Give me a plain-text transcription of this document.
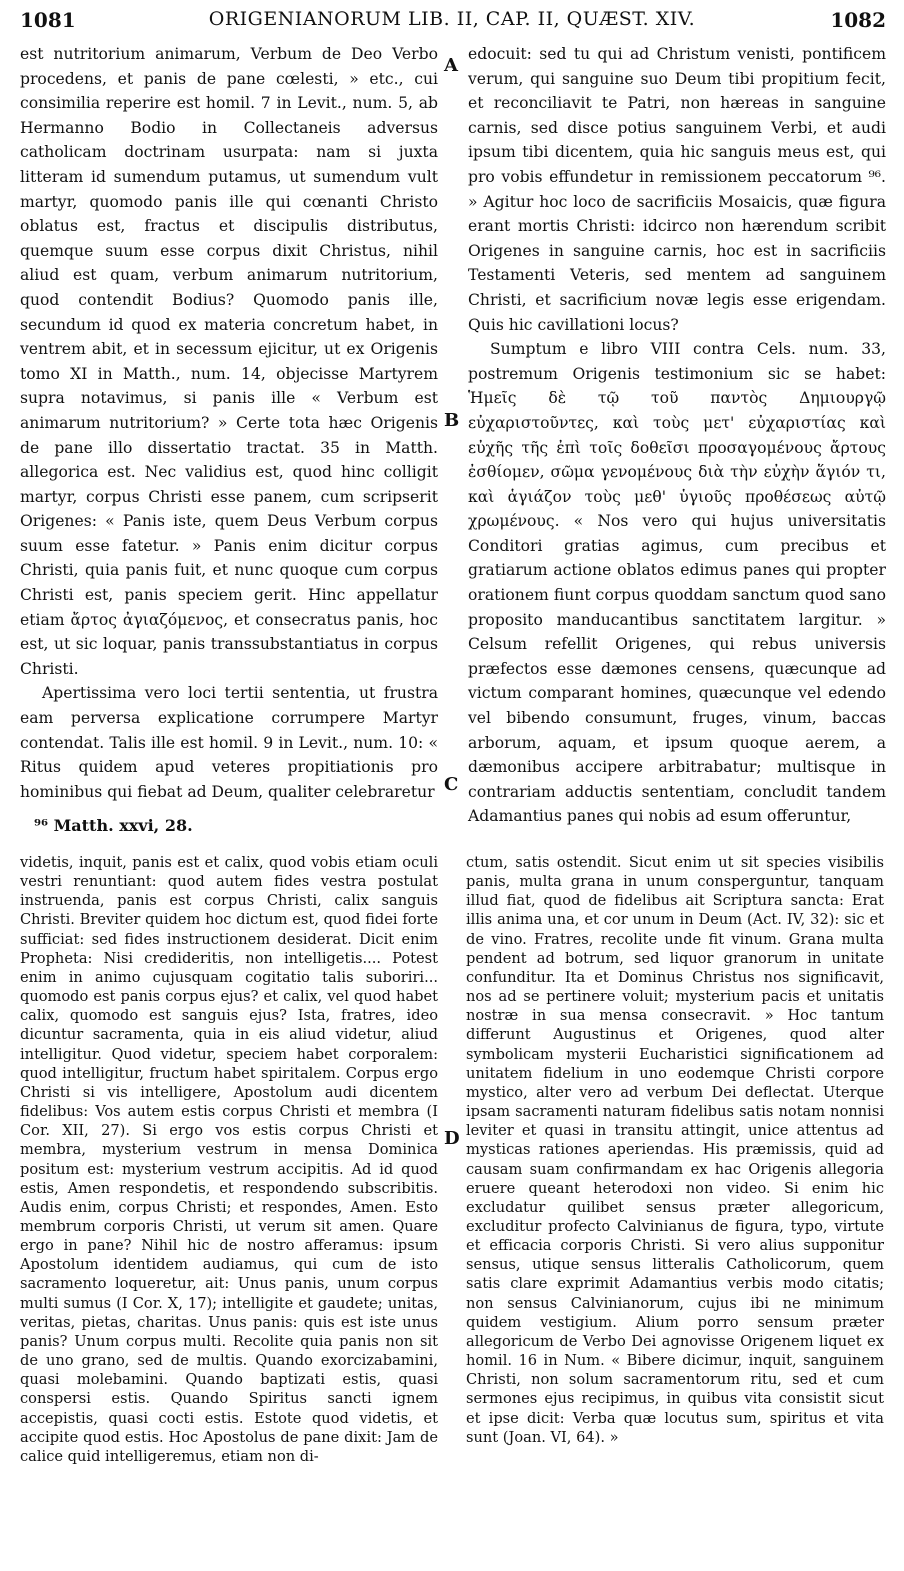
1081	ORIGENIANORUM LIB. II, CAP. II, QUÆST. XIV.	1082

est nutritorium animarum, Verbum de Deo Verbo procedens, et panis de pane cœlesti, » etc., cui consimilia reperire est homil. 7 in Levit., num. 5, ab Hermanno Bodio in Collectaneis adversus catholicam doctrinam usurpata: nam si juxta litteram id sumendum putamus, ut sumendum vult martyr, quomodo panis ille qui cœnanti Christo oblatus est, fractus et discipulis distributus, quemque suum esse corpus dixit Christus, nihil aliud est quam, verbum animarum nutritorium, quod contendit Bodius? Quomodo panis ille, secundum id quod ex materia concretum habet, in ventrem abit, et in secessum ejicitur, ut ex Origenis tomo XI in Matth., num. 14, objecisse Martyrem supra notavimus, si panis ille « Verbum est animarum nutritorium? » Certe tota hæc Origenis de pane illo dissertatio tractat. 35 in Matth. allegorica est. Nec validius est, quod hinc colligit martyr, corpus Christi esse panem, cum scripserit Origenes: « Panis iste, quem Deus Verbum corpus suum esse fatetur. » Panis enim dicitur corpus Christi, quia panis fuit, et nunc quoque cum corpus Christi est, panis speciem gerit. Hinc appellatur etiam ἄρτος ἀγιαζόμενος, et consecratus panis, hoc est, ut sic loquar, panis transsubstantiatus in corpus Christi.

Apertissima vero loci tertii sententia, ut frustra eam perversa explicatione corrumpere Martyr contendat. Talis ille est homil. 9 in Levit., num. 10: « Ritus quidem apud veteres propitiationis pro hominibus qui fiebat ad Deum, qualiter celebraretur

edocuit: sed tu qui ad Christum venisti, pontificem verum, qui sanguine suo Deum tibi propitium fecit, et reconciliavit te Patri, non hæreas in sanguine carnis, sed disce potius sanguinem Verbi, et audi ipsum tibi dicentem, quia hic sanguis meus est, qui pro vobis effundetur in remissionem peccatorum ⁹⁶. » Agitur hoc loco de sacrificiis Mosaicis, quæ figura erant mortis Christi: idcirco non hærendum scribit Origenes in sanguine carnis, hoc est in sacrificiis Testamenti Veteris, sed mentem ad sanguinem Christi, et sacrificium novæ legis esse erigendam. Quis hic cavillationi locus?

Sumptum e libro VIII contra Cels. num. 33, postremum Origenis testimonium sic se habet: Ἡμεῖς δὲ τῷ τοῦ παντὸς Δημιουργῷ εὐχαριστοῦντες, καὶ τοὺς μετ' εὐχαριστίας καὶ εὐχῆς τῆς ἐπὶ τοῖς δοθεῖσι προσαγομένους ἄρτους ἐσθίομεν, σῶμα γενομένους διὰ τὴν εὐχὴν ἅγιόν τι, καὶ ἁγιάζον τοὺς μεθ' ὑγιοῦς προθέσεως αὐτῷ χρωμένους. « Nos vero qui hujus universitatis Conditori gratias agimus, cum precibus et gratiarum actione oblatos edimus panes qui propter orationem fiunt corpus quoddam sanctum quod sano proposito manducantibus sanctitatem largitur. » Celsum refellit Origenes, qui rebus universis præfectos esse dæmones censens, quæcunque ad victum comparant homines, quæcunque vel edendo vel bibendo consumunt, fruges, vinum, baccas arborum, aquam, et ipsum quoque aerem, a dæmonibus accipere arbitrabatur; multisque in contrariam adductis sententiam, concludit tandem Adamantius panes qui nobis ad esum offeruntur,

A
B
C
⁹⁶ Matth. xxvi, 28.

videtis, inquit, panis est et calix, quod vobis etiam oculi vestri renuntiant: quod autem fides vestra postulat instruenda, panis est corpus Christi, calix sanguis Christi. Breviter quidem hoc dictum est, quod fidei forte sufficiat: sed fides instructionem desiderat. Dicit enim Propheta: Nisi credideritis, non intelligetis.... Potest enim in animo cujusquam cogitatio talis suboriri... quomodo est panis corpus ejus? et calix, vel quod habet calix, quomodo est sanguis ejus? Ista, fratres, ideo dicuntur sacramenta, quia in eis aliud videtur, aliud intelligitur. Quod videtur, speciem habet corporalem: quod intelligitur, fructum habet spiritalem. Corpus ergo Christi si vis intelligere, Apostolum audi dicentem fidelibus: Vos autem estis corpus Christi et membra (I Cor. XII, 27). Si ergo vos estis corpus Christi et membra, mysterium vestrum in mensa Dominica positum est: mysterium vestrum accipitis. Ad id quod estis, Amen respondetis, et respondendo subscribitis. Audis enim, corpus Christi; et respondes, Amen. Esto membrum corporis Christi, ut verum sit amen. Quare ergo in pane? Nihil hic de nostro afferamus: ipsum Apostolum identidem audiamus, qui cum de isto sacramento loqueretur, ait: Unus panis, unum corpus multi sumus (I Cor. X, 17); intelligite et gaudete; unitas, veritas, pietas, charitas. Unus panis: quis est iste unus panis? Unum corpus multi. Recolite quia panis non sit de uno grano, sed de multis. Quando exorcizabamini, quasi molebamini. Quando baptizati estis, quasi conspersi estis. Quando Spiritus sancti ignem accepistis, quasi cocti estis. Estote quod videtis, et accipite quod estis. Hoc Apostolus de pane dixit: Jam de calice quid intelligeremus, etiam non di-

D

ctum, satis ostendit. Sicut enim ut sit species visibilis panis, multa grana in unum consperguntur, tanquam illud fiat, quod de fidelibus ait Scriptura sancta: Erat illis anima una, et cor unum in Deum (Act. IV, 32): sic et de vino. Fratres, recolite unde fit vinum. Grana multa pendent ad botrum, sed liquor granorum in unitate confunditur. Ita et Dominus Christus nos significavit, nos ad se pertinere voluit; mysterium pacis et unitatis nostræ in sua mensa consecravit. » Hoc tantum differunt Augustinus et Origenes, quod alter symbolicam mysterii Eucharistici significationem ad unitatem fidelium in uno eodemque Christi corpore mystico, alter vero ad verbum Dei deflectat. Uterque ipsam sacramenti naturam fidelibus satis notam nonnisi leviter et quasi in transitu attingit, unice attentus ad mysticas rationes aperiendas. His præmissis, quid ad causam suam confirmandam ex hac Origenis allegoria eruere queant heterodoxi non video. Si enim hic excludatur quilibet sensus præter allegoricum, excluditur profecto Calvinianus de figura, typo, virtute et efficacia corporis Christi. Si vero alius supponitur sensus, utique sensus litteralis Catholicorum, quem satis clare exprimit Adamantius verbis modo citatis; non sensus Calvinianorum, cujus ibi ne minimum quidem vestigium. Alium porro sensum præter allegoricum de Verbo Dei agnovisse Origenem liquet ex homil. 16 in Num. « Bibere dicimur, inquit, sanguinem Christi, non solum sacramentorum ritu, sed et cum sermones ejus recipimus, in quibus vita consistit sicut et ipse dicit: Verba quæ locutus sum, spiritus et vita sunt (Joan. VI, 64). »
